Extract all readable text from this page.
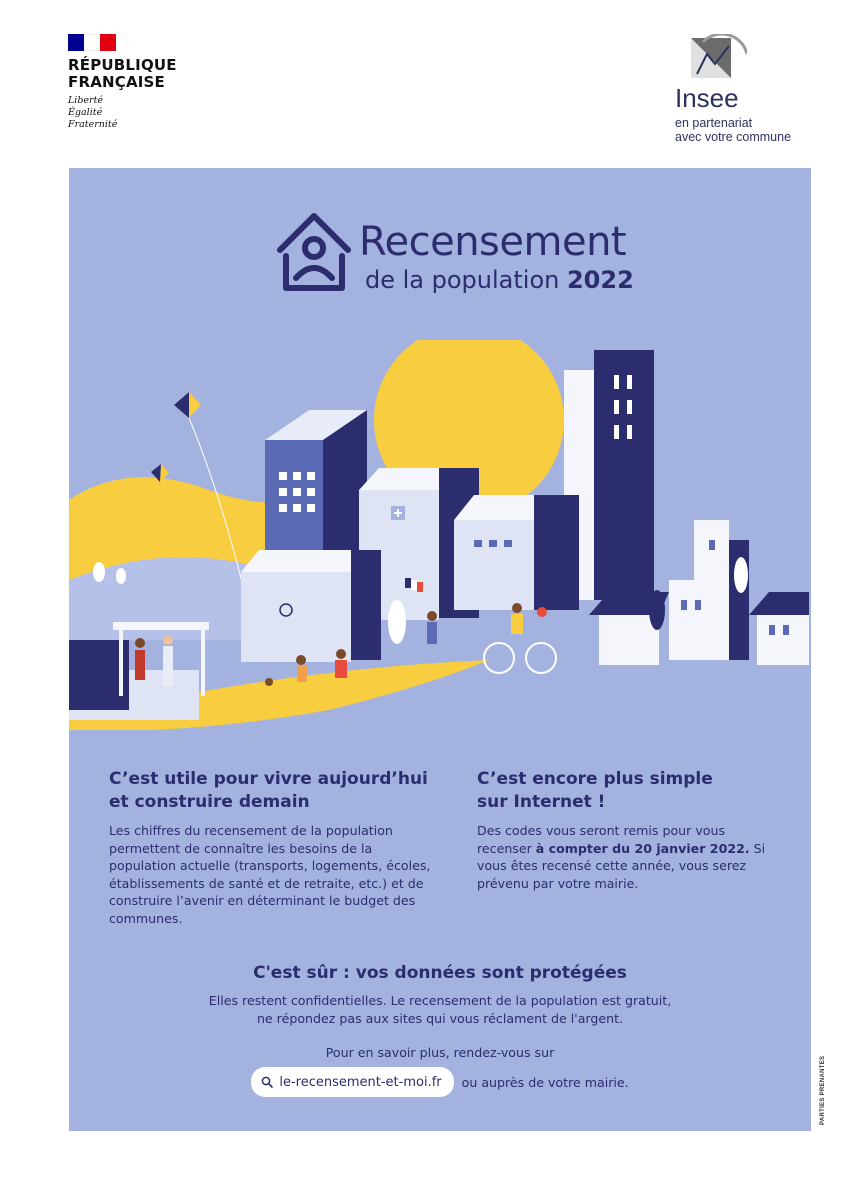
RÉPUBLIQUE
FRANÇAISE
Liberté
Égalité
Fraternité
Insee
en partenariat
avec votre commune
Recensement
de la population 2022
C’est utile pour vivre aujourd’hui
et construire demain
Les chiffres du recensement de la population permettent de connaître les besoins de la population actuelle (transports, logements, écoles, établissements de santé et de retraite, etc.) et de construire l’avenir en déterminant le budget des communes.
C’est encore plus simple
sur Internet !
Des codes vous seront remis pour vous recenser à compter du 20 janvier 2022. Si vous êtes recensé cette année, vous serez prévenu par votre mairie.
C'est sûr : vos données sont protégées
Elles restent confidentielles. Le recensement de la population est gratuit,
ne répondez pas aux sites qui vous réclament de l'argent.
Pour en savoir plus, rendez-vous sur
le-recensement-et-moi.fr ou auprès de votre mairie.	PARTIES PRENANTES
